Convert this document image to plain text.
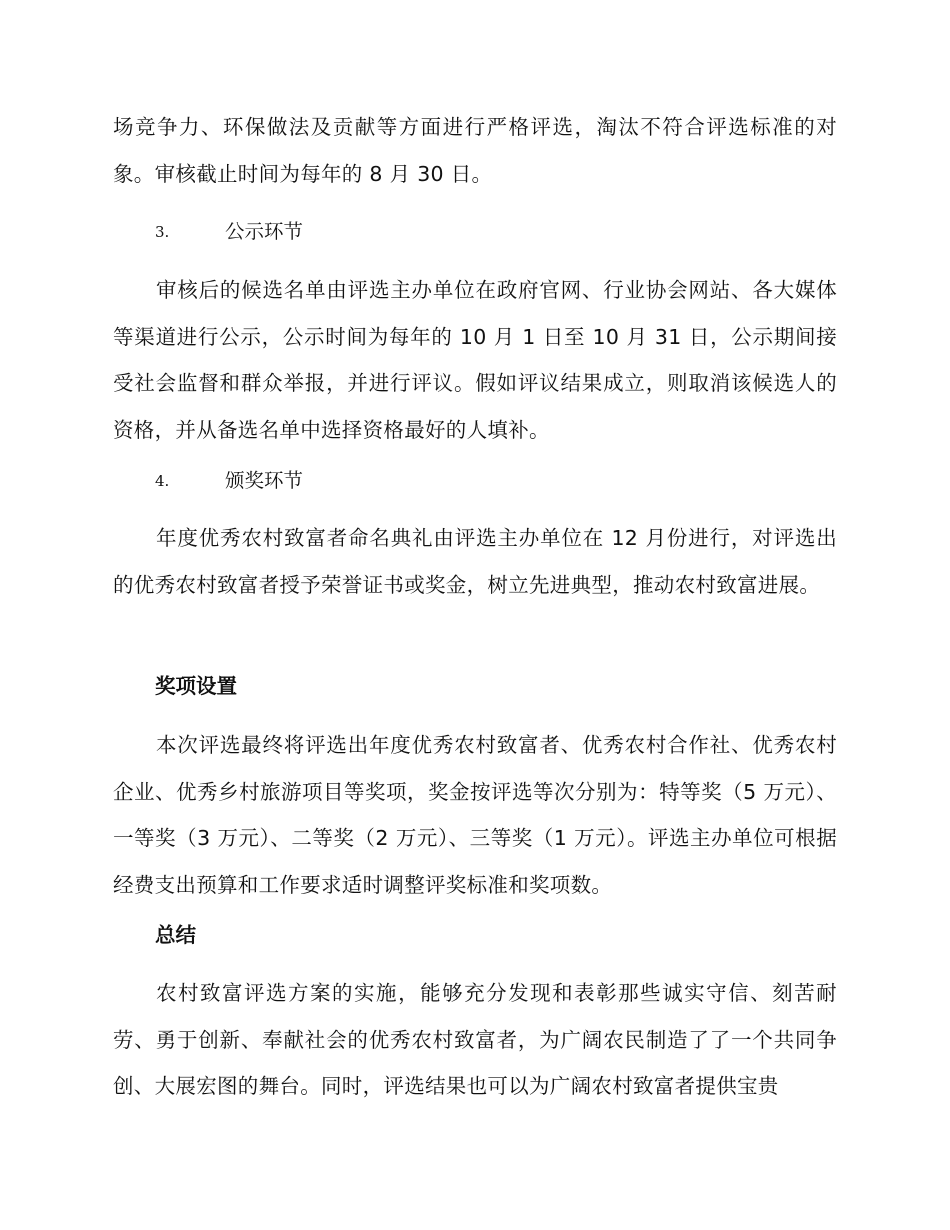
场竞争力、环保做法及贡献等方面进行严格评选，淘汰不符合评选标准的对象。审核截止时间为每年的 8 月 30 日。

3.	公示环节

审核后的候选名单由评选主办单位在政府官网、行业协会网站、各大媒体等渠道进行公示，公示时间为每年的 10 月 1 日至 10 月 31 日，公示期间接受社会监督和群众举报，并进行评议。假如评议结果成立，则取消该候选人的资格，并从备选名单中选择资格最好的人填补。

4.	颁奖环节

年度优秀农村致富者命名典礼由评选主办单位在 12 月份进行，对评选出的优秀农村致富者授予荣誉证书或奖金，树立先进典型，推动农村致富进展。

奖项设置

本次评选最终将评选出年度优秀农村致富者、优秀农村合作社、优秀农村企业、优秀乡村旅游项目等奖项，奖金按评选等次分别为：特等奖（5 万元）、一等奖（3 万元）、二等奖（2 万元）、三等奖（1 万元）。评选主办单位可根据经费支出预算和工作要求适时调整评奖标准和奖项数。

总结

农村致富评选方案的实施，能够充分发现和表彰那些诚实守信、刻苦耐劳、勇于创新、奉献社会的优秀农村致富者，为广阔农民制造了了一个共同争创、大展宏图的舞台。同时，评选结果也可以为广阔农村致富者提供宝贵
